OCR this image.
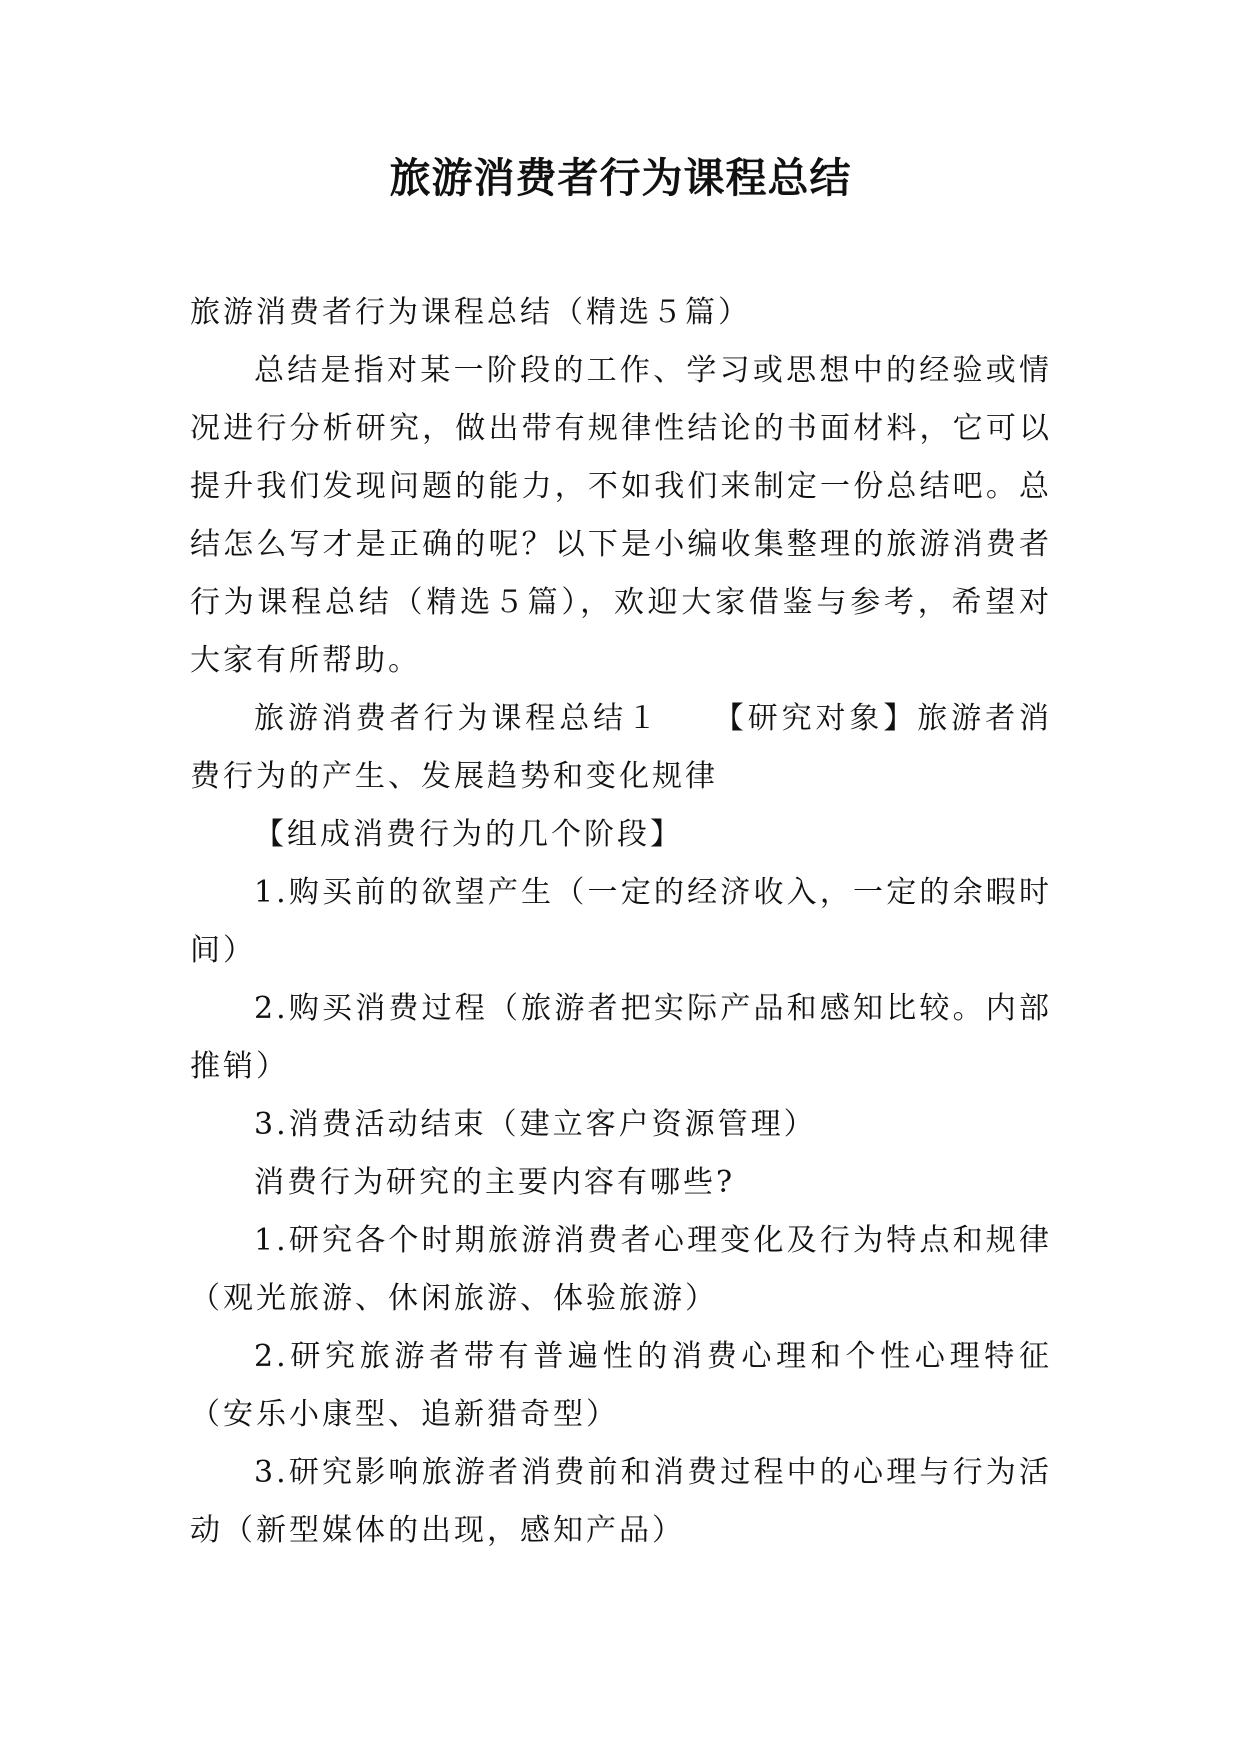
旅游消费者行为课程总结

旅游消费者行为课程总结（精选５篇）

总结是指对某一阶段的工作、学习或思想中的经验或情况进行分析研究，做出带有规律性结论的书面材料，它可以提升我们发现问题的能力，不如我们来制定一份总结吧。总结怎么写才是正确的呢？以下是小编收集整理的旅游消费者行为课程总结（精选５篇），欢迎大家借鉴与参考，希望对大家有所帮助。

旅游消费者行为课程总结１　　【研究对象】旅游者消费行为的产生、发展趋势和变化规律

【组成消费行为的几个阶段】

1.购买前的欲望产生（一定的经济收入，一定的余暇时间）

2.购买消费过程（旅游者把实际产品和感知比较。内部推销）

3.消费活动结束（建立客户资源管理）

消费行为研究的主要内容有哪些?

1.研究各个时期旅游消费者心理变化及行为特点和规律（观光旅游、休闲旅游、体验旅游）

2.研究旅游者带有普遍性的消费心理和个性心理特征（安乐小康型、追新猎奇型）

3.研究影响旅游者消费前和消费过程中的心理与行为活动（新型媒体的出现，感知产品）
